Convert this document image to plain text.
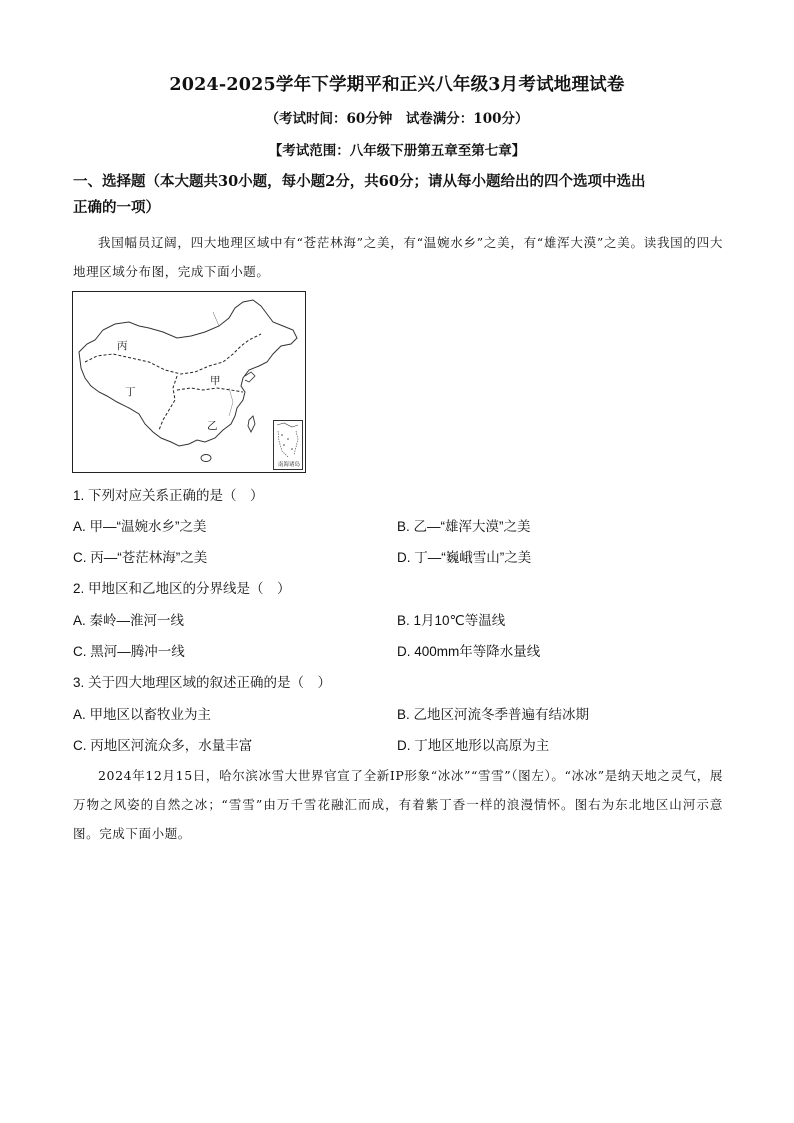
2024-2025学年下学期平和正兴八年级3月考试地理试卷
（考试时间：60分钟　试卷满分：100分）
【考试范围：八年级下册第五章至第七章】
一、选择题（本大题共30小题，每小题2分，共60分；请从每小题给出的四个选项中选出
正确的一项）
我国幅员辽阔，四大地理区域中有“苍茫林海”之美，有“温婉水乡”之美，有“雄浑大漠”之美。读我国的四大地理区域分布图，完成下面小题。
丙
甲
丁
乙
南海诸岛
1. 下列对应关系正确的是（　）
A. 甲—“温婉水乡”之美	B. 乙—“雄浑大漠”之美
C. 丙—“苍茫林海”之美	D. 丁—“巍峨雪山”之美
2. 甲地区和乙地区的分界线是（　）
A. 秦岭—淮河一线	B. 1月10℃等温线
C. 黑河—腾冲一线	D. 400mm年等降水量线
3. 关于四大地理区域的叙述正确的是（　）
A. 甲地区以畜牧业为主	B. 乙地区河流冬季普遍有结冰期
C. 丙地区河流众多，水量丰富	D. 丁地区地形以高原为主
2024年12月15日，哈尔滨冰雪大世界官宣了全新IP形象“冰冰”“雪雪”（图左）。“冰冰”是纳天地之灵气，展万物之风姿的自然之冰；“雪雪”由万千雪花融汇而成，有着紫丁香一样的浪漫情怀。图右为东北地区山河示意图。完成下面小题。
